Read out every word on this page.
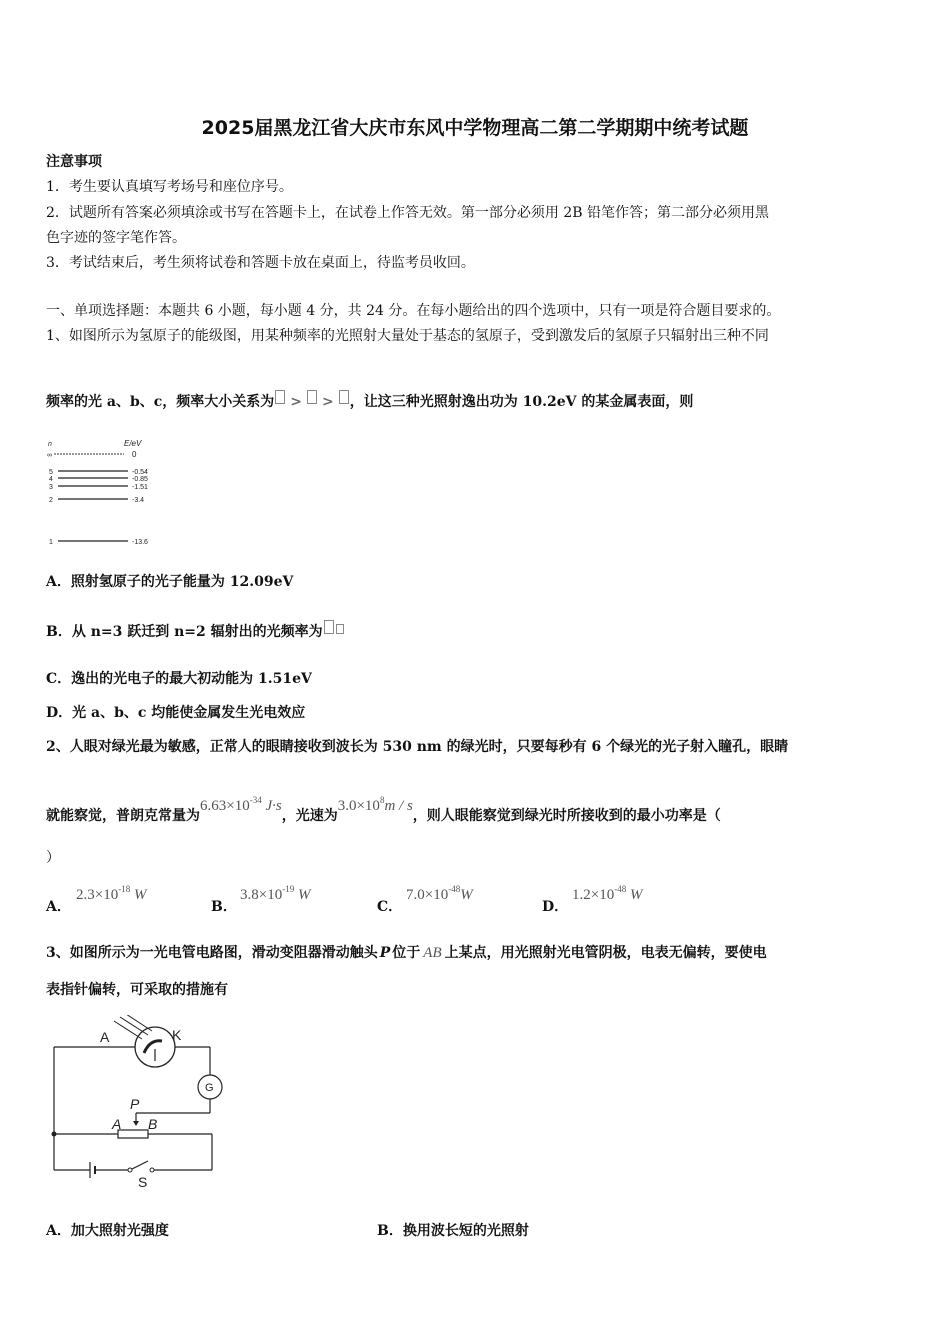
2025届黑龙江省大庆市东风中学物理高二第二学期期中统考试题
注意事项
1．考生要认真填写考场号和座位序号。
2．试题所有答案必须填涂或书写在答题卡上，在试卷上作答无效。第一部分必须用 2B 铅笔作答；第二部分必须用黑
色字迹的签字笔作答。
3．考试结束后，考生须将试卷和答题卡放在桌面上，待监考员收回。
一、单项选择题：本题共 6 小题，每小题 4 分，共 24 分。在每小题给出的四个选项中，只有一项是符合题目要求的。
1、如图所示为氢原子的能级图，用某种频率的光照射大量处于基态的氢原子，受到激发后的氢原子只辐射出三种不同
频率的光 a、b、c，频率大小关系为 > > ，让这三种光照射逸出功为 10.2eV 的某金属表面，则
n	E/eV
∞	0
5	-0.54
4	-0.85
3	-1.51
2	-3.4
1	-13.6
A．照射氢原子的光子能量为 12.09eV
B．从 n=3 跃迁到 n=2 辐射出的光频率为
C．逸出的光电子的最大初动能为 1.51eV
D．光 a、b、c 均能使金属发生光电效应
2、人眼对绿光最为敏感，正常人的眼睛接收到波长为 530 nm 的绿光时，只要每秒有 6 个绿光的光子射入瞳孔，眼睛
就能察觉，普朗克常量为$6.63\times 10^{-34}$ J·s，光速为$3.0\times 10^8m / s$，则人眼能察觉到绿光时所接收到的最小功率是（
）
A．
$2.3\times 10^{-18}$ W
B．
$3.8\times 10^{-19}$ W
C．
$7.0\times 10^{-48}W$
D．
$1.2\times 10^{-48}$ W
3、如图所示为一光电管电路图，滑动变阻器滑动触头 P 位于 AB 上某点，用光照射光电管阴极，电表无偏转，要使电
表指针偏转，可采取的措施有
G
A	K
P
A B
S
A．加大照射光强度	B．换用波长短的光照射
